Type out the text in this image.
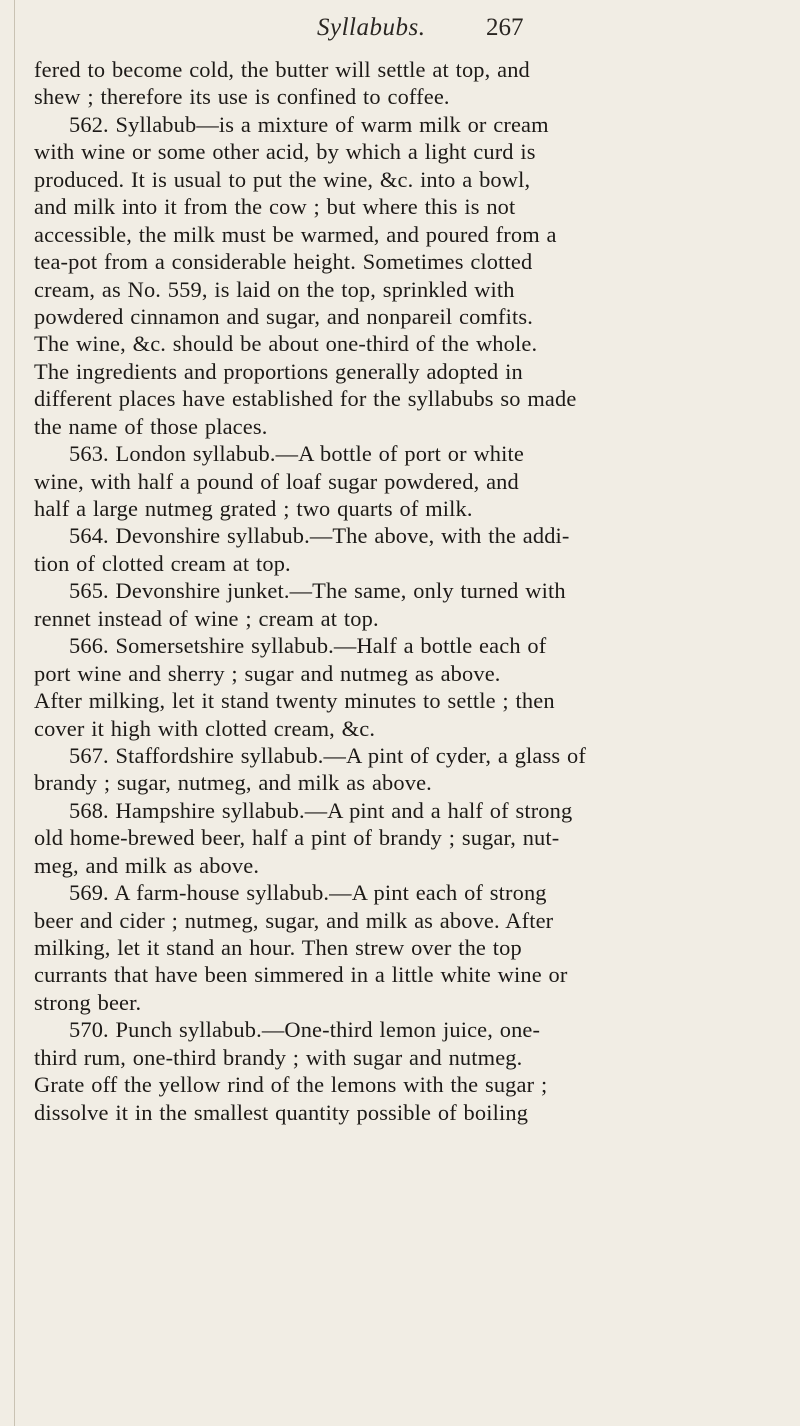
Syllabubs. 267
fered to become cold, the butter will settle at top, and
shew ; therefore its use is confined to coffee.
562. Syllabub—is a mixture of warm milk or cream
with wine or some other acid, by which a light curd is
produced. It is usual to put the wine, &c. into a bowl,
and milk into it from the cow ; but where this is not
accessible, the milk must be warmed, and poured from a
tea-pot from a considerable height. Sometimes clotted
cream, as No. 559, is laid on the top, sprinkled with
powdered cinnamon and sugar, and nonpareil comfits.
The wine, &c. should be about one-third of the whole.
The ingredients and proportions generally adopted in
different places have established for the syllabubs so made
the name of those places.
563. London syllabub.—A bottle of port or white
wine, with half a pound of loaf sugar powdered, and
half a large nutmeg grated ; two quarts of milk.
564. Devonshire syllabub.—The above, with the addi-
tion of clotted cream at top.
565. Devonshire junket.—The same, only turned with
rennet instead of wine ; cream at top.
566. Somersetshire syllabub.—Half a bottle each of
port wine and sherry ; sugar and nutmeg as above.
After milking, let it stand twenty minutes to settle ; then
cover it high with clotted cream, &c.
567. Staffordshire syllabub.—A pint of cyder, a glass of
brandy ; sugar, nutmeg, and milk as above.
568. Hampshire syllabub.—A pint and a half of strong
old home-brewed beer, half a pint of brandy ; sugar, nut-
meg, and milk as above.
569. A farm-house syllabub.—A pint each of strong
beer and cider ; nutmeg, sugar, and milk as above. After
milking, let it stand an hour. Then strew over the top
currants that have been simmered in a little white wine or
strong beer.
570. Punch syllabub.—One-third lemon juice, one-
third rum, one-third brandy ; with sugar and nutmeg.
Grate off the yellow rind of the lemons with the sugar ;
dissolve it in the smallest quantity possible of boiling
